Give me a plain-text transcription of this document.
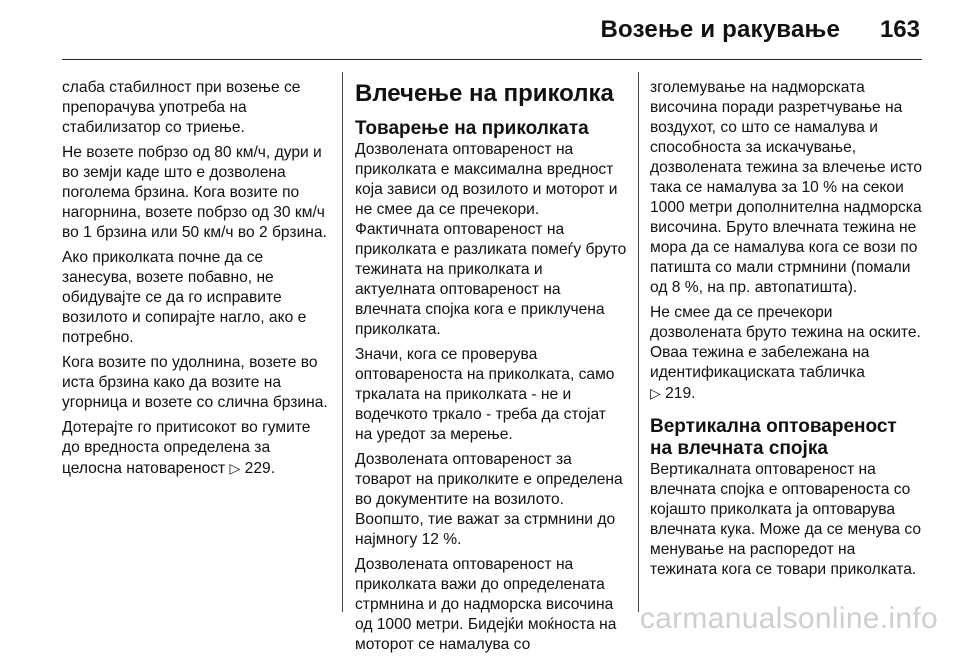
Возење и ракување 163

слаба стабилност при возење се препорачува употреба на стабилизатор со триење.

Не возете побрзо од 80 км/ч, дури и во земји каде што е дозволена поголема брзина. Кога возите по нагорнина, возете побрзо од 30 км/ч во 1 брзина или 50 км/ч во 2 брзина.

Ако приколката почне да се занесува, возете побавно, не обидувајте се да го исправите возилото и сопирајте нагло, ако е потребно.

Кога возите по удолнина, возете во иста брзина како да возите на угорница и возете со слична брзина.

Дотерајте го притисокот во гумите до вредноста определена за целосна натовареност ▷ 229.

Влечење на приколка
Товарење на приколката

Дозволената оптовареност на приколката е максимална вредност која зависи од возилото и моторот и не смее да се пречекори. Фактичната оптовареност на приколката е разликата помеѓу бруто тежината на приколката и актуелната оптовареност на влечната спојка кога е приклучена приколката.

Значи, кога се проверува оптовареноста на приколката, само тркалата на приколката - не и водечкото тркало - треба да стојат на уредот за мерење.

Дозволената оптовареност за товарот на приколките е определена во документите на возилото. Воопшто, тие важат за стрмнини до најмногу 12 %.

Дозволената оптовареност на приколката важи до определената стрмнина и до надморска височина од 1000 метри. Бидејќи моќноста на моторот се намалува со

зголемување на надморската височина поради разретчување на воздухот, со што се намалува и способноста за искачување, дозволената тежина за влечење исто така се намалува за 10 % на секои 1000 метри дополнителна надморска височина. Бруто влечната тежина не мора да се намалува кога се вози по патишта со мали стрмнини (помали од 8 %, на пр. автопатишта).

Не смее да се пречекори дозволената бруто тежина на оските. Оваа тежина е забележана на идентификациската табличка
▷ 219.

Вертикална оптовареност на влечната спојка

Вертикалната оптовареност на влечната спојка е оптовареноста со којашто приколката ја оптоварува влечната кука. Може да се менува со менување на распоредот на тежината кога се товари приколката.

carmanualsonline.info
